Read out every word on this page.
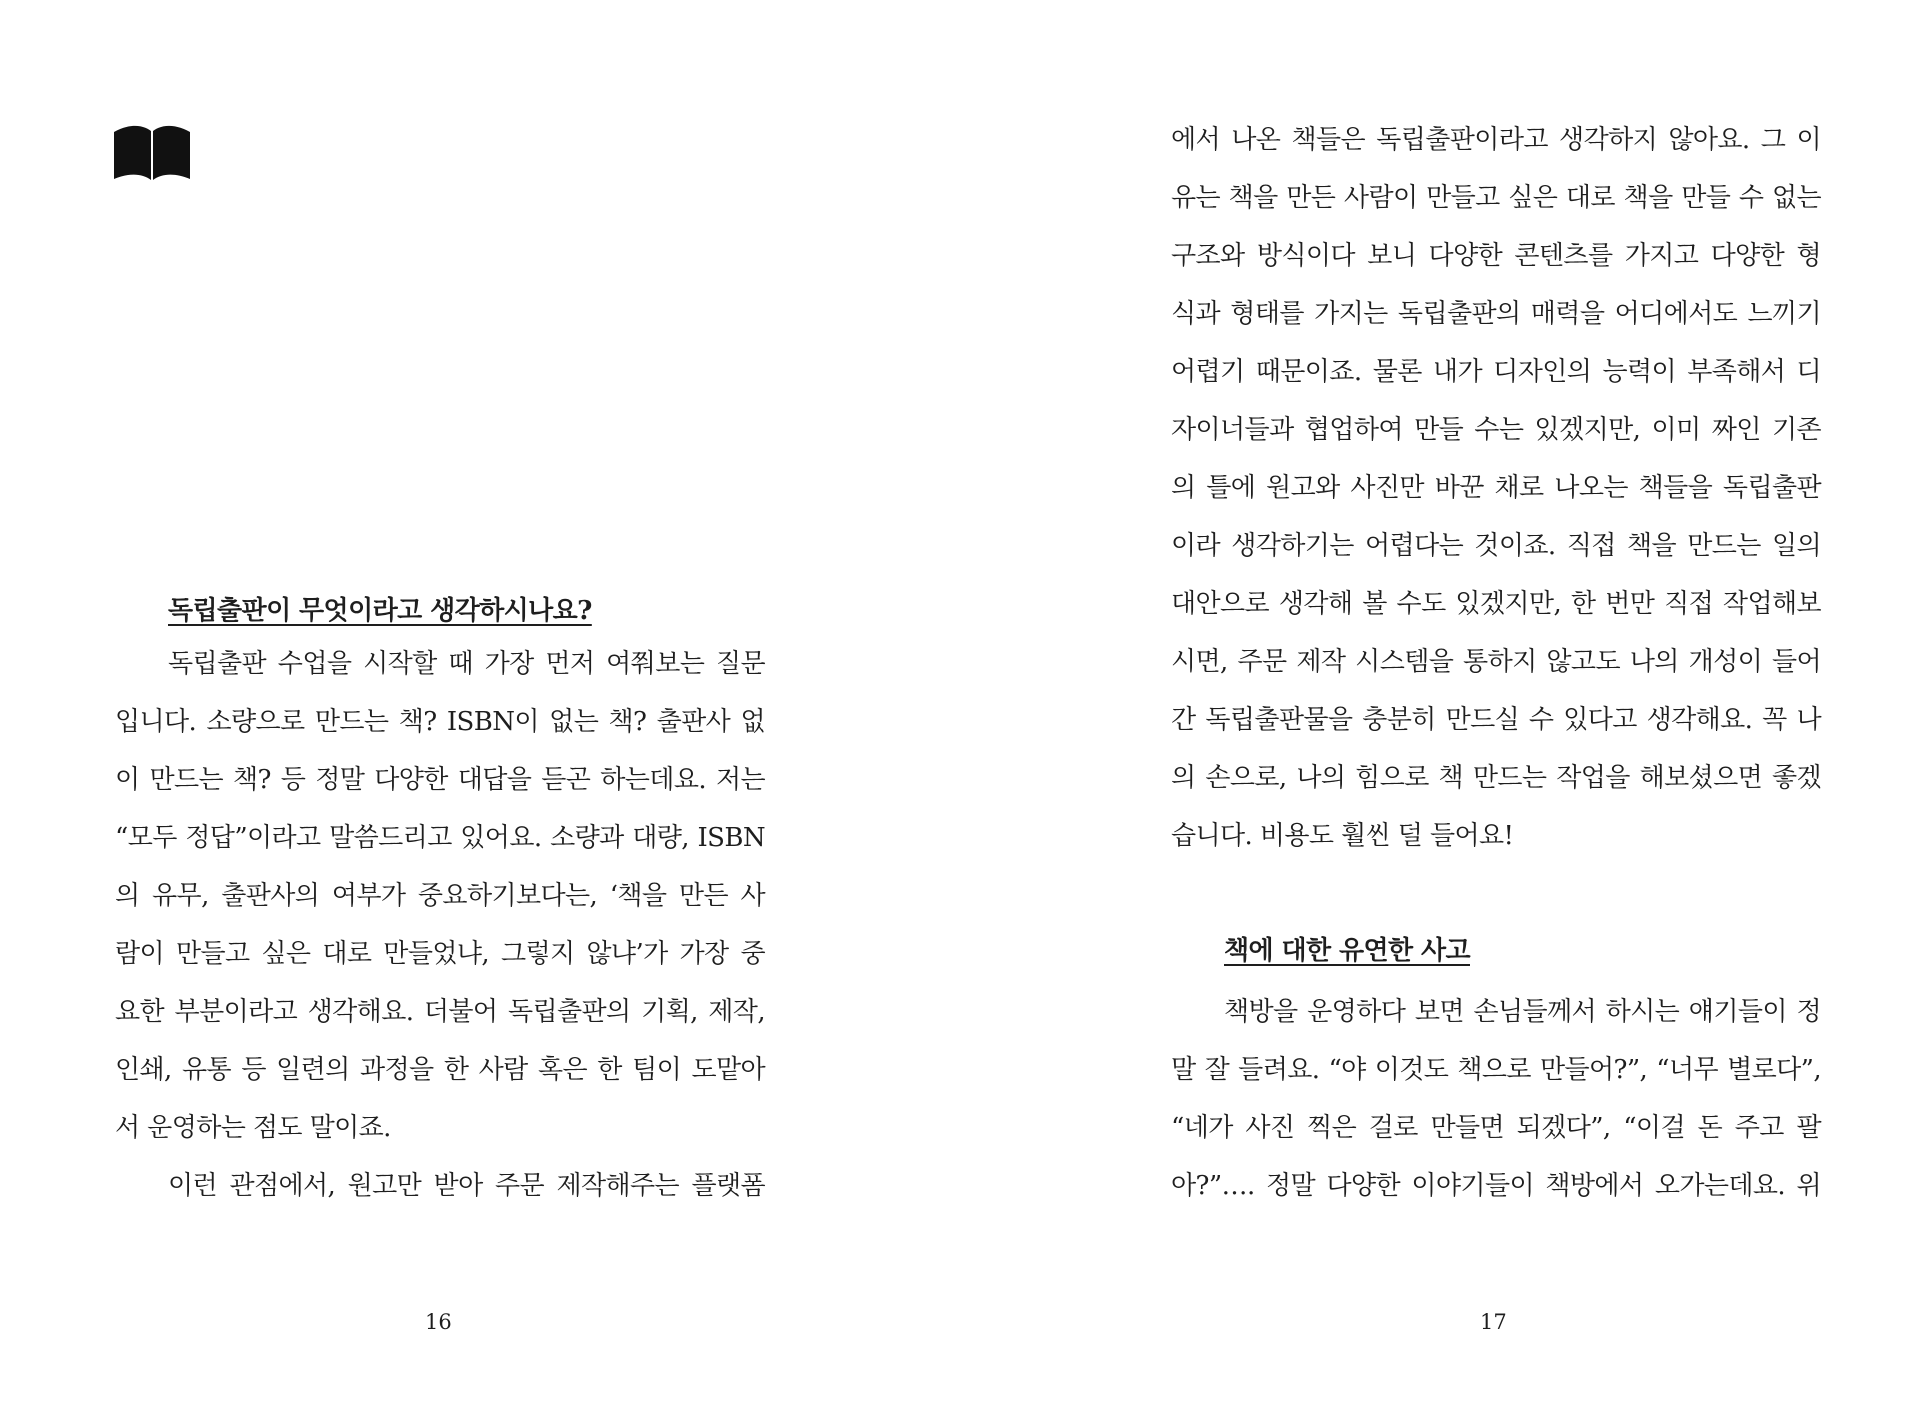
독립출판이 무엇이라고 생각하시나요?
독립출판 수업을 시작할 때 가장 먼저 여쭤보는 질문
입니다. 소량으로 만드는 책? ISBN이 없는 책? 출판사 없
이 만드는 책? 등 정말 다양한 대답을 듣곤 하는데요. 저는
“모두 정답”이라고 말씀드리고 있어요. 소량과 대량, ISBN
의 유무, 출판사의 여부가 중요하기보다는, ‘책을 만든 사
람이 만들고 싶은 대로 만들었냐, 그렇지 않냐’가 가장 중
요한 부분이라고 생각해요. 더불어 독립출판의 기획, 제작,
인쇄, 유통 등 일련의 과정을 한 사람 혹은 한 팀이 도맡아
서 운영하는 점도 말이죠.
이런 관점에서, 원고만 받아 주문 제작해주는 플랫폼
16
에서 나온 책들은 독립출판이라고 생각하지 않아요. 그 이
유는 책을 만든 사람이 만들고 싶은 대로 책을 만들 수 없는
구조와 방식이다 보니 다양한 콘텐츠를 가지고 다양한 형
식과 형태를 가지는 독립출판의 매력을 어디에서도 느끼기
어렵기 때문이죠. 물론 내가 디자인의 능력이 부족해서 디
자이너들과 협업하여 만들 수는 있겠지만, 이미 짜인 기존
의 틀에 원고와 사진만 바꾼 채로 나오는 책들을 독립출판
이라 생각하기는 어렵다는 것이죠. 직접 책을 만드는 일의
대안으로 생각해 볼 수도 있겠지만, 한 번만 직접 작업해보
시면, 주문 제작 시스템을 통하지 않고도 나의 개성이 들어
간 독립출판물을 충분히 만드실 수 있다고 생각해요. 꼭 나
의 손으로, 나의 힘으로 책 만드는 작업을 해보셨으면 좋겠
습니다. 비용도 훨씬 덜 들어요!
책에 대한 유연한 사고
책방을 운영하다 보면 손님들께서 하시는 얘기들이 정
말 잘 들려요. “야 이것도 책으로 만들어?”, “너무 별로다”,
“네가 사진 찍은 걸로 만들면 되겠다”, “이걸 돈 주고 팔
아?”…. 정말 다양한 이야기들이 책방에서 오가는데요. 위
17
